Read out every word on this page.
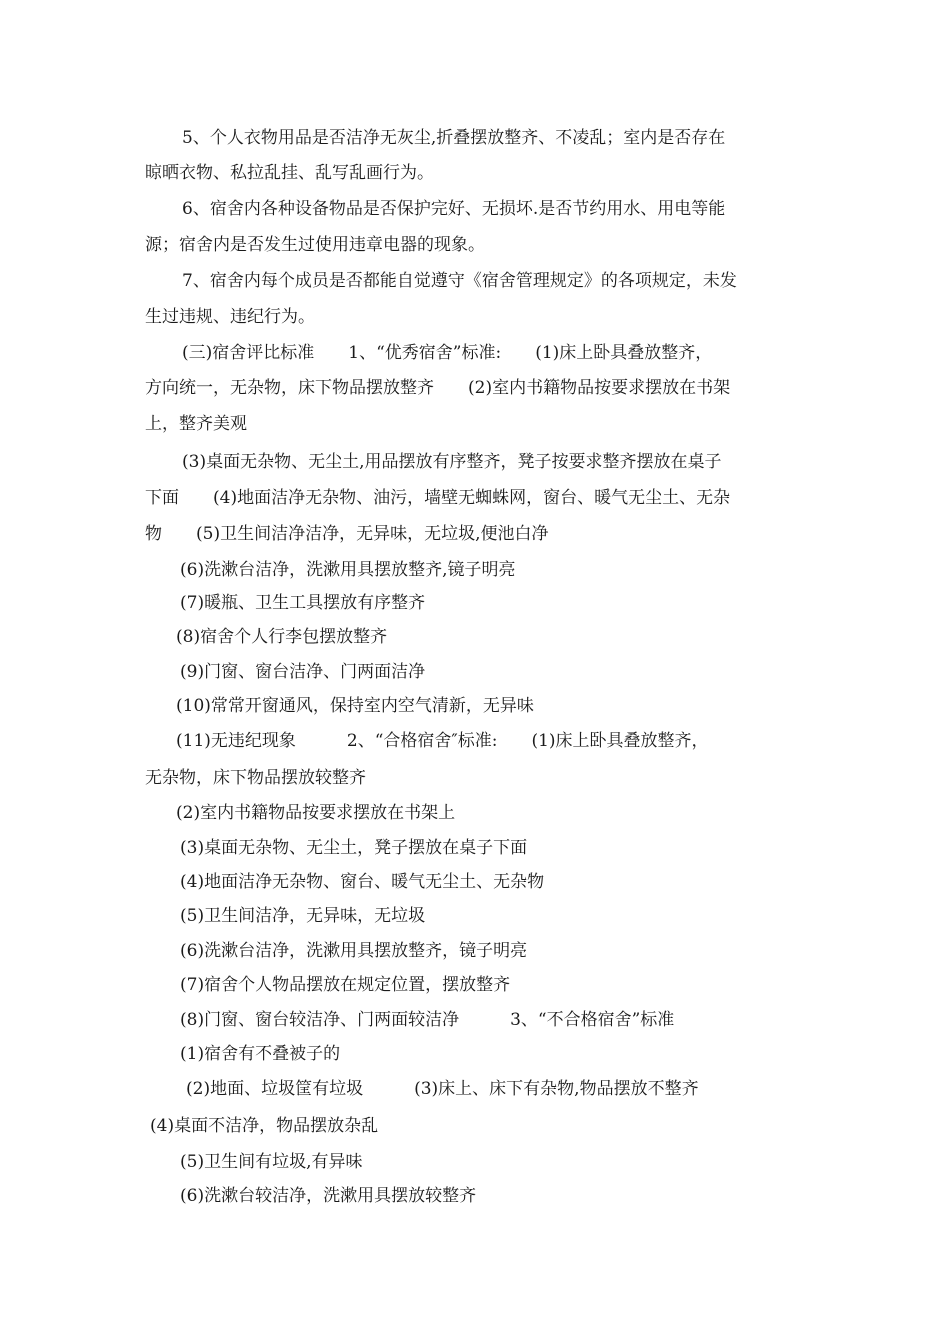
5、个人衣物用品是否洁净无灰尘,折叠摆放整齐、不凌乱；室内是否存在
晾晒衣物、私拉乱挂、乱写乱画行为。
6、宿舍内各种设备物品是否保护完好、无损坏.是否节约用水、用电等能
源；宿舍内是否发生过使用违章电器的现象。
7、宿舍内每个成员是否都能自觉遵守《宿舍管理规定》的各项规定，未发
生过违规、违纪行为。
(三)宿舍评比标准　　1、“优秀宿舍”标准:　　(1)床上卧具叠放整齐，
方向统一，无杂物，床下物品摆放整齐　　(2)室内书籍物品按要求摆放在书架
上，整齐美观
(3)桌面无杂物、无尘土,用品摆放有序整齐，凳子按要求整齐摆放在桌子
下面　　(4)地面洁净无杂物、油污，墙壁无蜘蛛网，窗台、暖气无尘土、无杂
物　　(5)卫生间洁净洁净，无异味，无垃圾,便池白净
(6)洗漱台洁净，洗漱用具摆放整齐,镜子明亮
(7)暖瓶、卫生工具摆放有序整齐
(8)宿舍个人行李包摆放整齐
(9)门窗、窗台洁净、门两面洁净
(10)常常开窗通风，保持室内空气清新，无异味
(11)无违纪现象　　　2、“合格宿舍″标准:　　(1)床上卧具叠放整齐，
无杂物，床下物品摆放较整齐
(2)室内书籍物品按要求摆放在书架上
(3)桌面无杂物、无尘土，凳子摆放在桌子下面
(4)地面洁净无杂物、窗台、暖气无尘土、无杂物
(5)卫生间洁净，无异味，无垃圾
(6)洗漱台洁净，洗漱用具摆放整齐，镜子明亮
(7)宿舍个人物品摆放在规定位置，摆放整齐
(8)门窗、窗台较洁净、门两面较洁净　　　3、“不合格宿舍”标准
(1)宿舍有不叠被子的
(2)地面、垃圾筐有垃圾　　　(3)床上、床下有杂物,物品摆放不整齐
(4)桌面不洁净，物品摆放杂乱
(5)卫生间有垃圾,有异味
(6)洗漱台较洁净，洗漱用具摆放较整齐
